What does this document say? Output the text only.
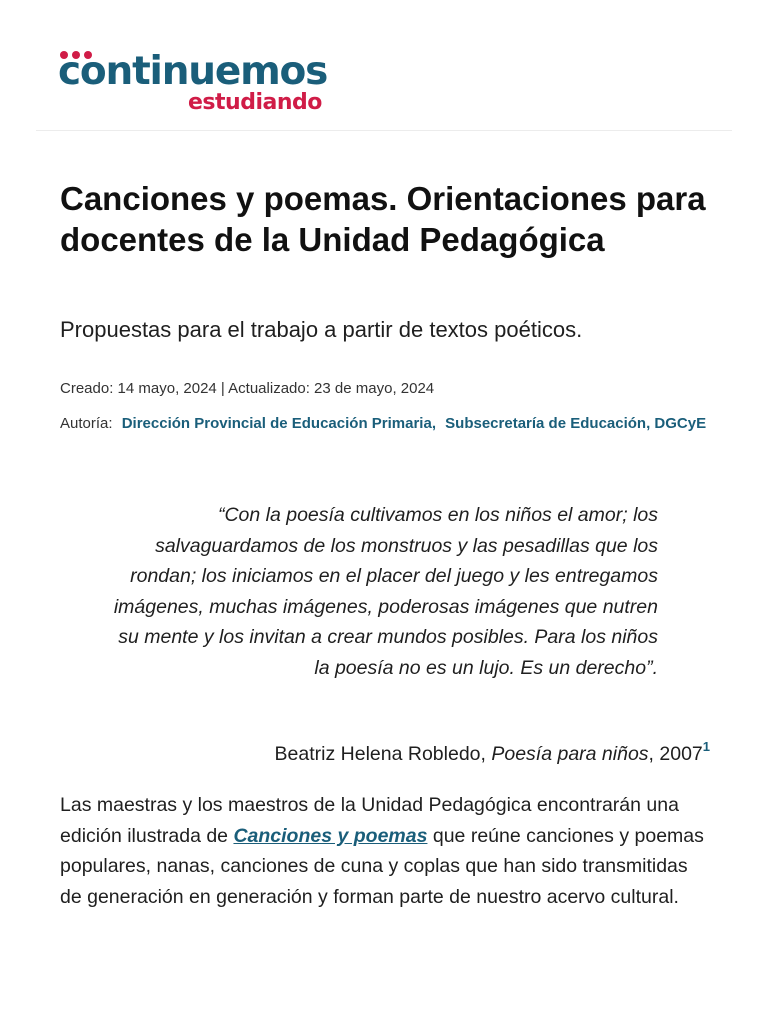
continuemos
estudiando
Canciones y poemas. Orientaciones para docentes de la Unidad Pedagógica

Propuestas para el trabajo a partir de textos poéticos.

Creado: 14 mayo, 2024 | Actualizado: 23 de mayo, 2024
Autoría: Dirección Provincial de Educación Primaria, Subsecretaría de Educación, DGCyE
“Con la poesía cultivamos en los niños el amor; los salvaguardamos de los monstruos y las pesadillas que los rondan; los iniciamos en el placer del juego y les entregamos imágenes, muchas imágenes, poderosas imágenes que nutren su mente y los invitan a crear mundos posibles. Para los niños la poesía no es un lujo. Es un derecho”.
Beatriz Helena Robledo, Poesía para niños, 2007$^1$

Las maestras y los maestros de la Unidad Pedagógica encontrarán una edición ilustrada de Canciones y poemas que reúne canciones y poemas populares, nanas, canciones de cuna y coplas que han sido transmitidas de generación en generación y forman parte de nuestro acervo cultural.
